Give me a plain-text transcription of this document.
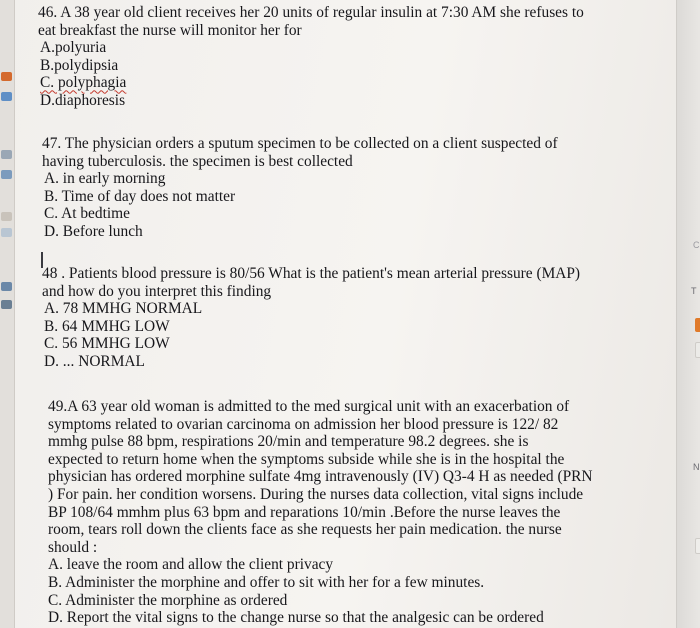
T
N
C

46. A 38 year old client receives her 20 units of regular insulin at 7:30 AM she refuses to

eat breakfast the nurse will monitor her for

A.polyuria

B.polydipsia

C. polyphagia

D.diaphoresis

47. The physician orders a sputum specimen to be collected on a client suspected of

having tuberculosis. the specimen is best collected

A. in early morning

B. Time of day does not matter

C. At bedtime

D. Before lunch

48 . Patients blood pressure is 80/56 What is the patient's mean arterial pressure (MAP)

and how do you interpret this finding

A. 78 MMHG NORMAL

B. 64 MMHG LOW

C. 56 MMHG LOW

D. ... NORMAL

49.A 63 year old woman is admitted to the med surgical unit with an exacerbation of

symptoms related to ovarian carcinoma on admission her blood pressure is 122/ 82

mmhg pulse 88 bpm, respirations 20/min and temperature 98.2 degrees. she is

expected to return home when the symptoms subside while she is in the hospital the

physician has ordered morphine sulfate 4mg intravenously (IV) Q3-4 H as needed (PRN

) For pain. her condition worsens. During the nurses data collection, vital signs include

BP 108/64 mmhm plus 63 bpm and reparations 10/min .Before the nurse leaves the

room, tears roll down the clients face as she requests her pain medication. the nurse

should :

A. leave the room and allow the client privacy

B. Administer the morphine and offer to sit with her for a few minutes.

C. Administer the morphine as ordered

D. Report the vital signs to the change nurse so that the analgesic can be ordered
